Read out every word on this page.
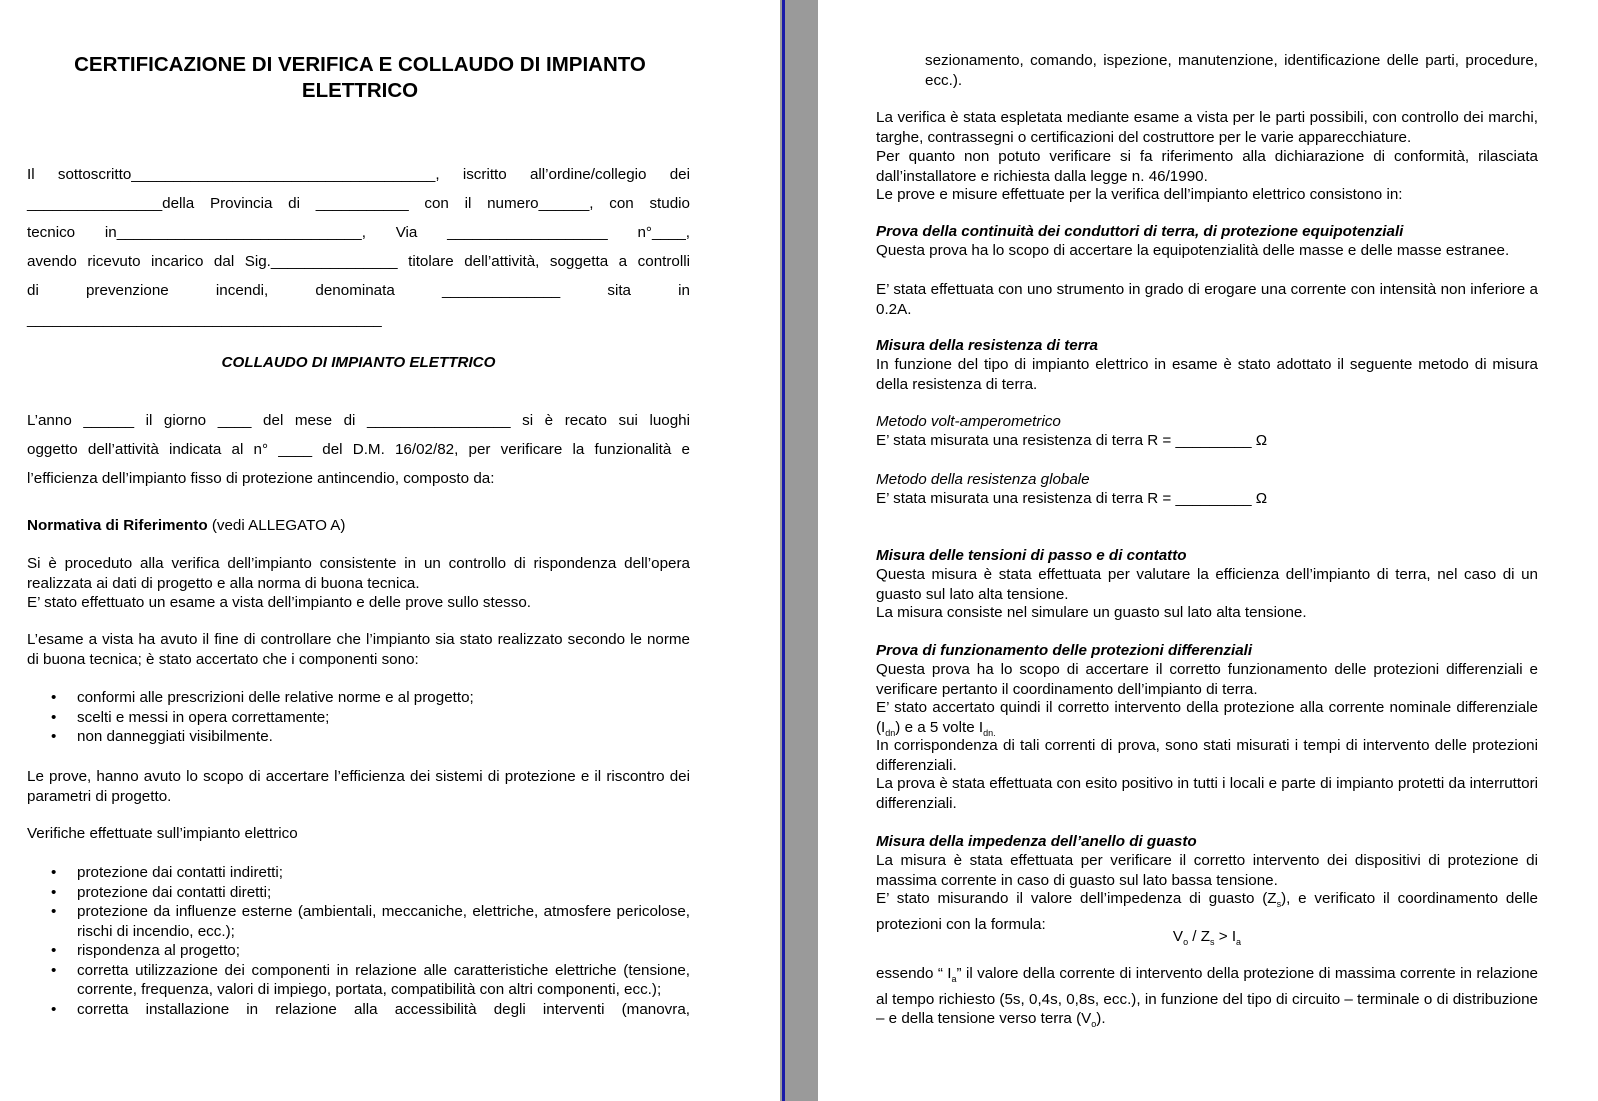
CERTIFICAZIONE DI VERIFICA E COLLAUDO DI IMPIANTO ELETTRICO
Il sottoscritto____________________________________, iscritto all’ordine/collegio dei
________________della Provincia di ___________ con il numero______, con studio
tecnico in_____________________________, Via ___________________ n°____,
avendo ricevuto incarico dal Sig._______________ titolare dell’attività, soggetta a controlli
di prevenzione incendi, denominata ______________ sita in
__________________________________________
COLLAUDO DI IMPIANTO ELETTRICO
L’anno ______ il giorno ____ del mese di _________________ si è recato sui luoghi
oggetto dell’attività indicata al n° ____ del D.M. 16/02/82, per verificare la funzionalità e
l’efficienza dell’impianto fisso di protezione antincendio, composto da:
Normativa di Riferimento (vedi ALLEGATO A)
Si è proceduto alla verifica dell’impianto consistente in un controllo di rispondenza dell’opera realizzata ai dati di progetto e alla norma di buona tecnica.
E’ stato effettuato un esame a vista dell’impianto e delle prove sullo stesso.
L’esame a vista ha avuto il fine di controllare che l’impianto sia stato realizzato secondo le norme di buona tecnica; è stato accertato che i componenti sono:
• conformi alle prescrizioni delle relative norme e al progetto;
• scelti e messi in opera correttamente;
• non danneggiati visibilmente.
Le prove, hanno avuto lo scopo di accertare l’efficienza dei sistemi di protezione e il riscontro dei parametri di progetto.
Verifiche effettuate sull’impianto elettrico
• protezione dai contatti indiretti;
• protezione dai contatti diretti;
• protezione da influenze esterne (ambientali, meccaniche, elettriche, atmosfere pericolose, rischi di incendio, ecc.);
• rispondenza al progetto;
• corretta utilizzazione dei componenti in relazione alle caratteristiche elettriche (tensione, corrente, frequenza, valori di impiego, portata, compatibilità con altri componenti, ecc.);
• corretta installazione in relazione alla accessibilità degli interventi (manovra,
sezionamento, comando, ispezione, manutenzione, identificazione delle parti, procedure, ecc.).
La verifica è stata espletata mediante esame a vista per le parti possibili, con controllo dei marchi, targhe, contrassegni o certificazioni del costruttore per le varie apparecchiature.
Per quanto non potuto verificare si fa riferimento alla dichiarazione di conformità, rilasciata dall’installatore e richiesta dalla legge n. 46/1990.
Le prove e misure effettuate per la verifica dell’impianto elettrico consistono in:
Prova della continuità dei conduttori di terra, di protezione equipotenziali
Questa prova ha lo scopo di accertare la equipotenzialità delle masse e delle masse estranee.
E’ stata effettuata con uno strumento in grado di erogare una corrente con intensità non inferiore a 0.2A.
Misura della resistenza di terra
In funzione del tipo di impianto elettrico in esame è stato adottato il seguente metodo di misura della resistenza di terra.
Metodo volt-amperometrico
E’ stata misurata una resistenza di terra R = _________ Ω
Metodo della resistenza globale
E’ stata misurata una resistenza di terra R = _________ Ω
Misura delle tensioni di passo e di contatto
Questa misura è stata effettuata per valutare la efficienza dell’impianto di terra, nel caso di un guasto sul lato alta tensione.
La misura consiste nel simulare un guasto sul lato alta tensione.
Prova di funzionamento delle protezioni differenziali
Questa prova ha lo scopo di accertare il corretto funzionamento delle protezioni differenziali e verificare pertanto il coordinamento dell’impianto di terra.
E’ stato accertato quindi il corretto intervento della protezione alla corrente nominale differenziale $(I_{dn})$ e a 5 volte $I_{dn.}$
In corrispondenza di tali correnti di prova, sono stati misurati i tempi di intervento delle protezioni differenziali.
La prova è stata effettuata con esito positivo in tutti i locali e parte di impianto protetti da interruttori differenziali.
Misura della impedenza dell’anello di guasto
La misura è stata effettuata per verificare il corretto intervento dei dispositivi di protezione di massima corrente in caso di guasto sul lato bassa tensione.
E’ stato misurando il valore dell’impedenza di guasto $(Z_s)$, e verificato il coordinamento delle protezioni con la formula:
$V_o / Z_s > I_a$
essendo “ $I_a$” il valore della corrente di intervento della protezione di massima corrente in relazione al tempo richiesto (5s, 0,4s, 0,8s, ecc.), in funzione del tipo di circuito – terminale o di distribuzione – e della tensione verso terra $(V_o)$.
